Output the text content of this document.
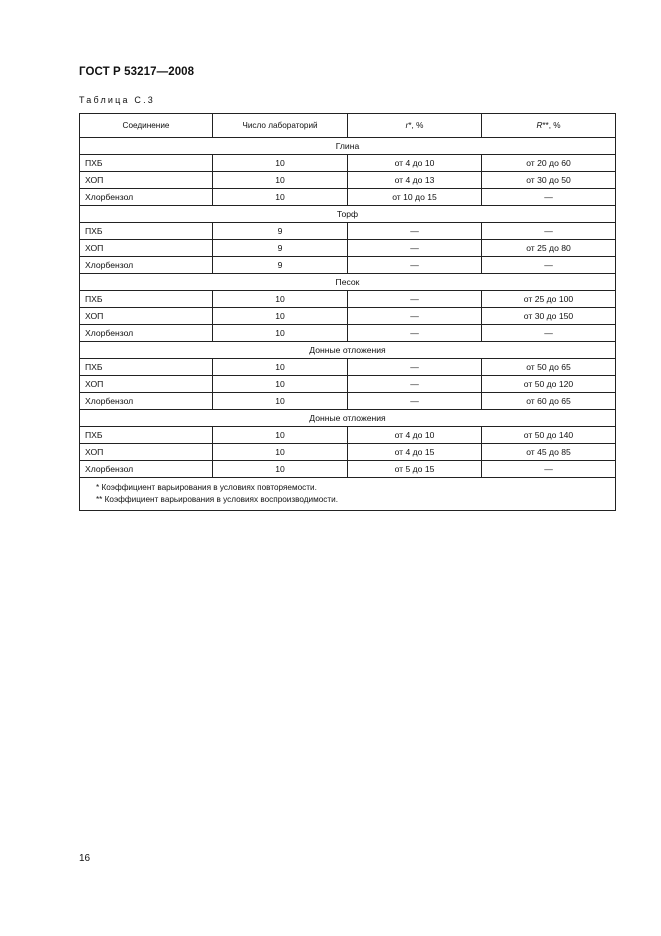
ГОСТ Р 53217—2008
Таблица С.3
Соединение	Число лабораторий	r*, %	R**, %
Глина			
ПХБ	10	от 4 до 10	от 20 до 60
ХОП	10	от 4 до 13	от 30 до 50
Хлорбензол	10	от 10 до 15	—
Торф			
ПХБ	9	—	—
ХОП	9	—	от 25 до 80
Хлорбензол	9	—	—
Песок			
ПХБ	10	—	от 25 до 100
ХОП	10	—	от 30 до 150
Хлорбензол	10	—	—
Донные отложения			
ПХБ	10	—	от 50 до 65
ХОП	10	—	от 50 до 120
Хлорбензол	10	—	от 60 до 65
Донные отложения			
ПХБ	10	от 4 до 10	от 50 до 140
ХОП	10	от 4 до 15	от 45 до 85
Хлорбензол	10	от 5 до 15	—

* Коэффициент варьирования в условиях повторяемости.
** Коэффициент варьирования в условиях воспроизводимости.			
16
